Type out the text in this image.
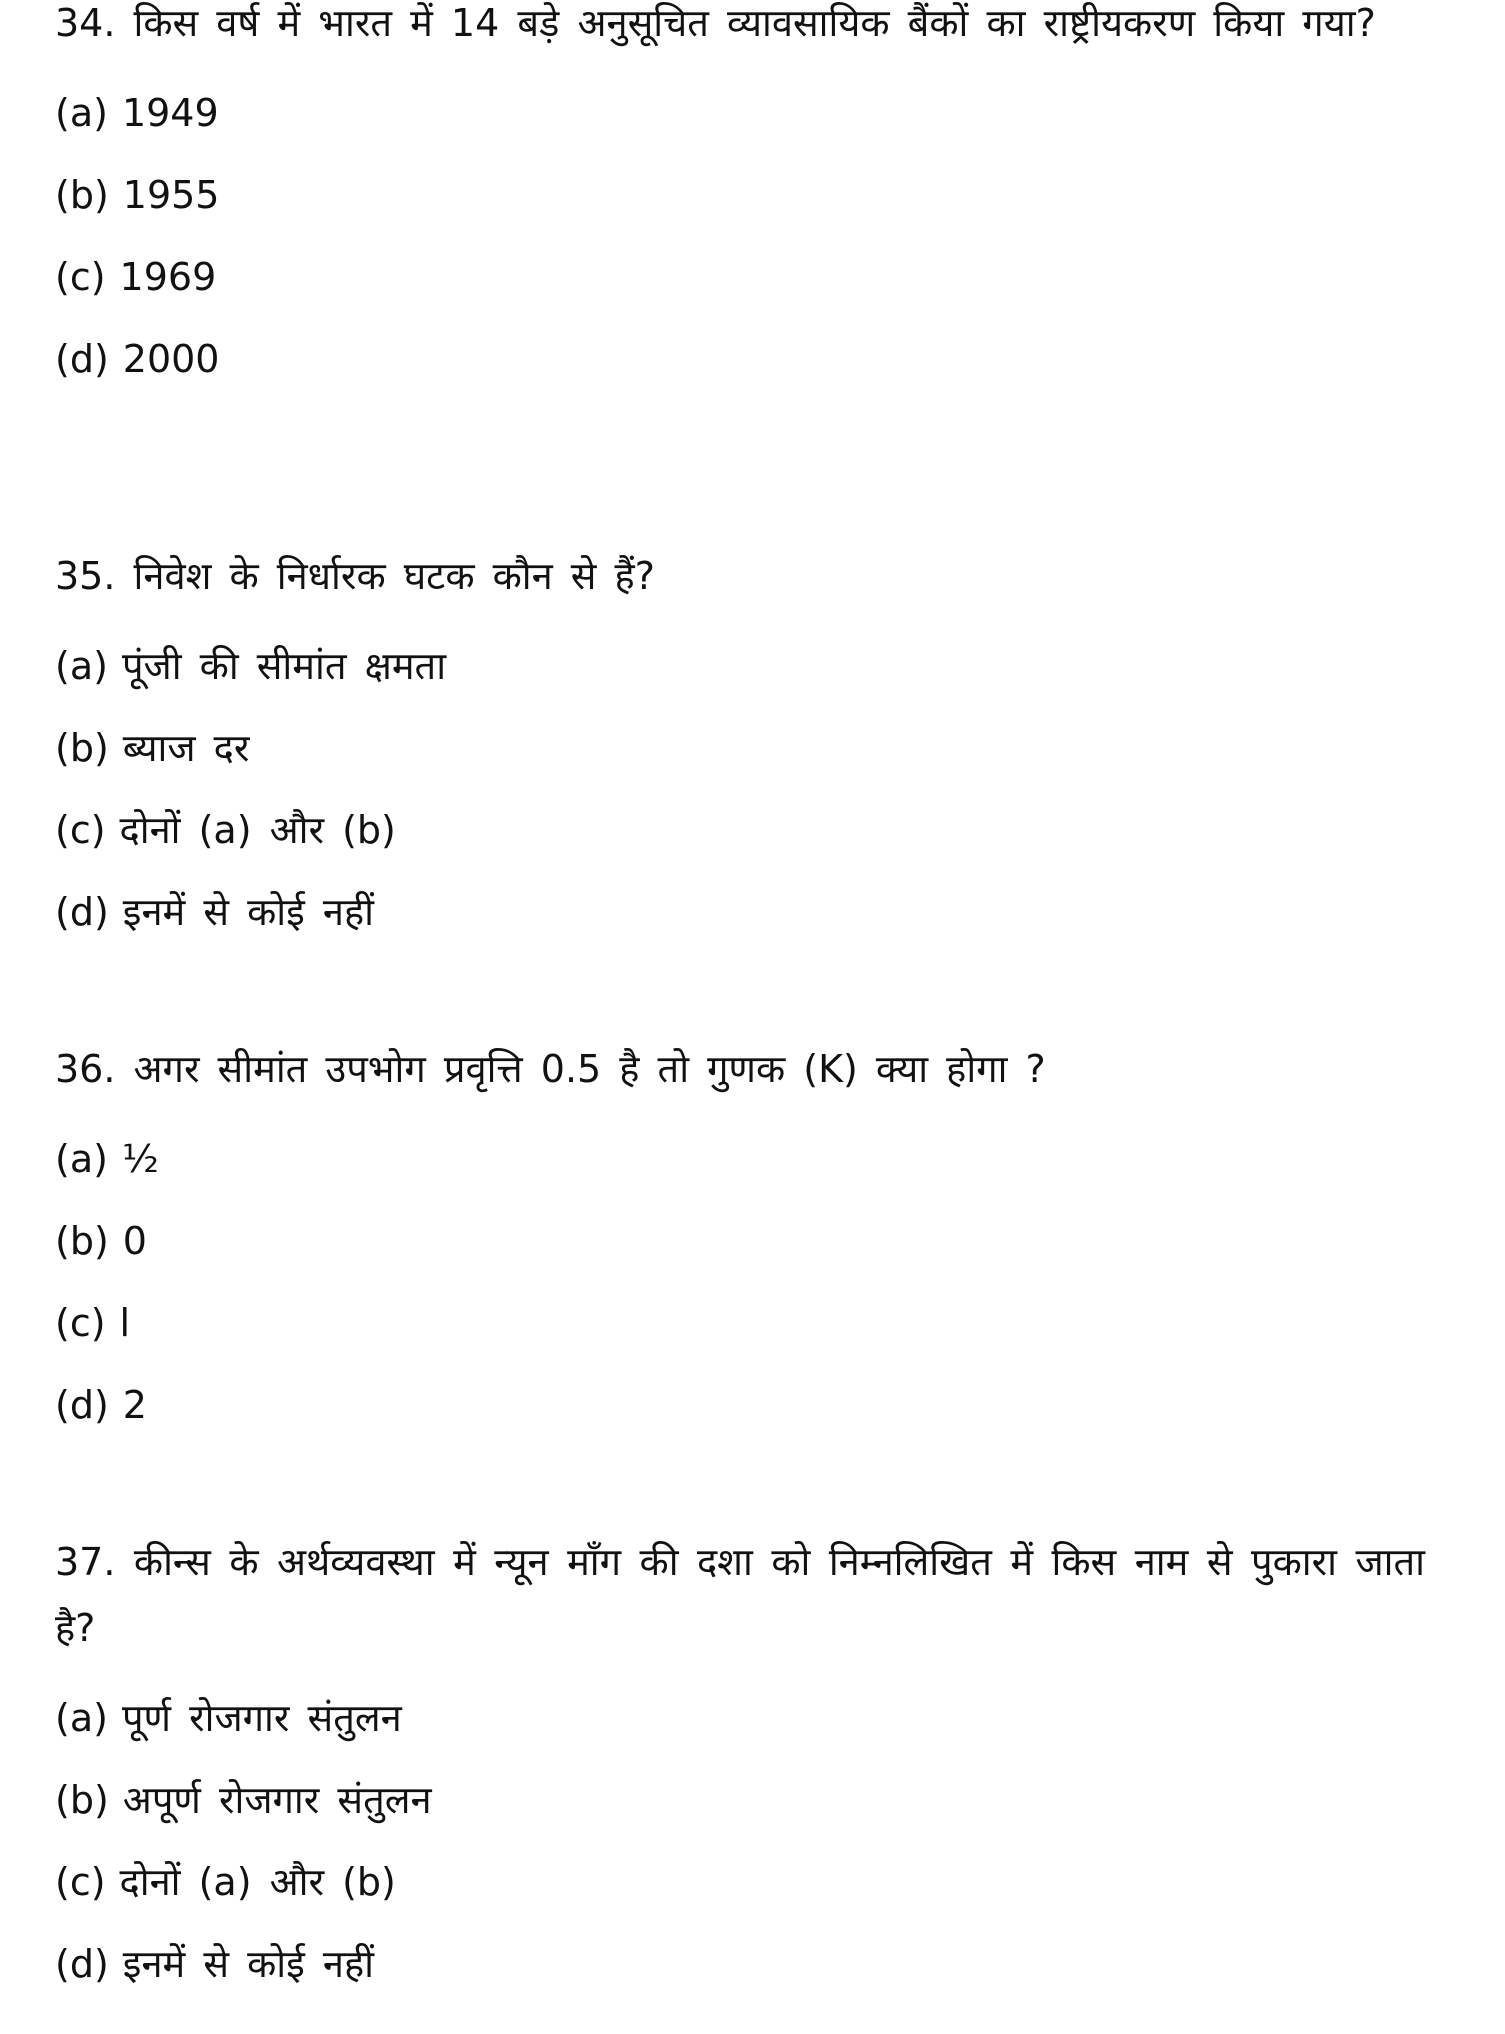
34. किस वर्ष में भारत में 14 बड़े अनुसूचित व्यावसायिक बैंकों का राष्ट्रीयकरण किया गया?

(a) 1949
(b) 1955
(c) 1969
(d) 2000

35. निवेश के निर्धारक घटक कौन से हैं?

(a) पूंजी की सीमांत क्षमता
(b) ब्याज दर
(c) दोनों (a) और (b)
(d) इनमें से कोई नहीं

36. अगर सीमांत उपभोग प्रवृत्ति 0.5 है तो गुणक (K) क्या होगा ?

(a) ½
(b) 0
(c) l
(d) 2

37. कीन्स के अर्थव्यवस्था में न्यून माँग की दशा को निम्नलिखित में किस नाम से पुकारा जाता है?

(a) पूर्ण रोजगार संतुलन
(b) अपूर्ण रोजगार संतुलन
(c) दोनों (a) और (b)
(d) इनमें से कोई नहीं
